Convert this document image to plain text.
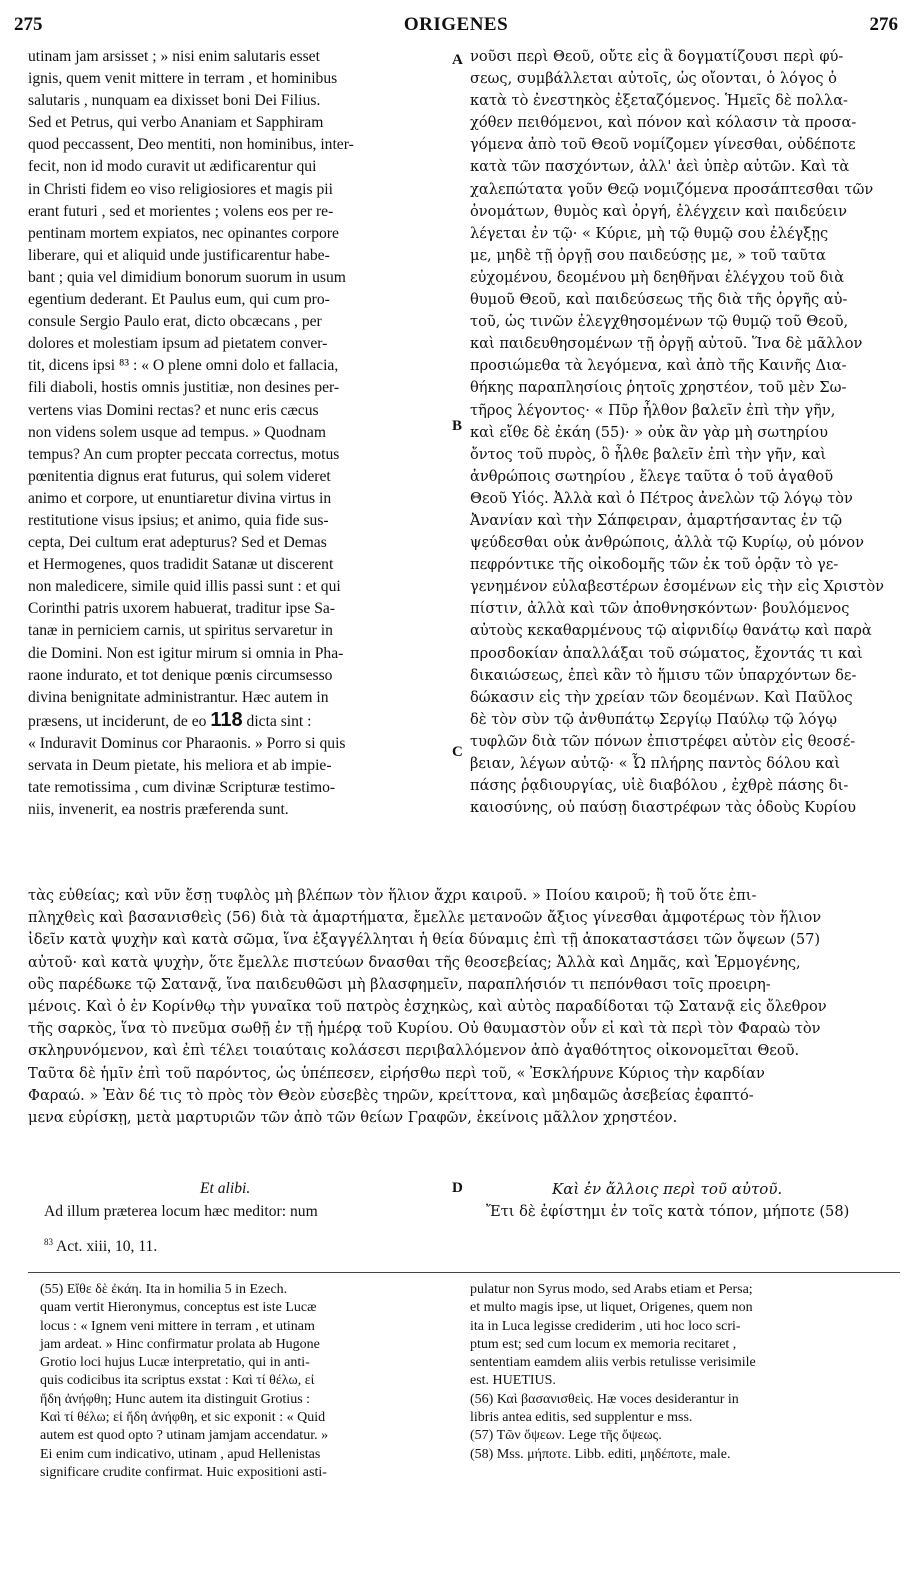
275	ORIGENES	276

utinam jam arsisset ; » nisi enim salutaris esset

ignis, quem venit mittere in terram , et hominibus

salutaris , nunquam ea dixisset boni Dei Filius.

Sed et Petrus, qui verbo Ananiam et Sapphiram

quod peccassent, Deo mentiti, non hominibus, inter-

fecit, non id modo curavit ut ædificarentur qui

in Christi fidem eo viso religiosiores et magis pii

erant futuri , sed et morientes ; volens eos per re-

pentinam mortem expiatos, nec opinantes corpore

liberare, qui et aliquid unde justificarentur habe-

bant ; quia vel dimidium bonorum suorum in usum

egentium dederant. Et Paulus eum, qui cum pro-

consule Sergio Paulo erat, dicto obcæcans , per

dolores et molestiam ipsum ad pietatem conver-

tit, dicens ipsi ⁸³ : « O plene omni dolo et fallacia,

fili diaboli, hostis omnis justitiæ, non desines per-

vertens vias Domini rectas? et nunc eris cæcus

non videns solem usque ad tempus. » Quodnam

tempus? An cum propter peccata correctus, motus

pœnitentia dignus erat futurus, qui solem videret

animo et corpore, ut enuntiaretur divina virtus in

restitutione visus ipsius; et animo, quia fide sus-

cepta, Dei cultum erat adepturus? Sed et Demas

et Hermogenes, quos tradidit Satanæ ut discerent

non maledicere, simile quid illis passi sunt : et qui

Corinthi patris uxorem habuerat, traditur ipse Sa-

tanæ in perniciem carnis, ut spiritus servaretur in

die Domini. Non est igitur mirum si omnia in Pha-

raone indurato, et tot denique pœnis circumsesso

divina benignitate administrantur. Hæc autem in

præsens, ut inciderunt, de eo 118 dicta sint :

« Induravit Dominus cor Pharaonis. » Porro si quis

servata in Deum pietate, his meliora et ab impie-

tate remotissima , cum divinæ Scripturæ testimo-

niis, invenerit, ea nostris præferenda sunt.

νοῦσι περὶ Θεοῦ, οὔτε εἰς ἃ δογματίζουσι περὶ φύ-

σεως, συμβάλλεται αὐτοῖς, ὡς οἴονται, ὁ λόγος ὁ

κατὰ τὸ ἐνεστηκὸς ἐξεταζόμενος. Ἡμεῖς δὲ πολλα-

χόθεν πειθόμενοι, καὶ πόνον καὶ κόλασιν τὰ προσα-

γόμενα ἀπὸ τοῦ Θεοῦ νομίζομεν γίνεσθαι, οὐδέποτε

κατὰ τῶν πασχόντων, ἀλλ' ἀεὶ ὑπὲρ αὐτῶν. Καὶ τὰ

χαλεπώτατα γοῦν Θεῷ νομιζόμενα προσάπτεσθαι τῶν

ὀνομάτων, θυμὸς καὶ ὀργή, ἐλέγχειν καὶ παιδεύειν

λέγεται ἐν τῷ· « Κύριε, μὴ τῷ θυμῷ σου ἐλέγξῃς

με, μηδὲ τῇ ὀργῇ σου παιδεύσῃς με, » τοῦ ταῦτα

εὐχομένου, δεομένου μὴ δεηθῆναι ἐλέγχου τοῦ διὰ

θυμοῦ Θεοῦ, καὶ παιδεύσεως τῆς διὰ τῆς ὀργῆς αὐ-

τοῦ, ὡς τινῶν ἐλεγχθησομένων τῷ θυμῷ τοῦ Θεοῦ,

καὶ παιδευθησομένων τῇ ὀργῇ αὐτοῦ. Ἵνα δὲ μᾶλλον

προσιώμεθα τὰ λεγόμενα, καὶ ἀπὸ τῆς Καινῆς Δια-

θήκης παραπλησίοις ῥητοῖς χρηστέον, τοῦ μὲν Σω-

τῆρος λέγοντος· « Πῦρ ἦλθον βαλεῖν ἐπὶ τὴν γῆν,

καὶ εἴθε δὲ ἐκάη (55)· » οὐκ ἂν γὰρ μὴ σωτηρίου

ὄντος τοῦ πυρὸς, ὃ ἦλθε βαλεῖν ἐπὶ τὴν γῆν, καὶ

ἀνθρώποις σωτηρίου , ἔλεγε ταῦτα ὁ τοῦ ἀγαθοῦ

Θεοῦ Υἱός. Ἀλλὰ καὶ ὁ Πέτρος ἀνελὼν τῷ λόγῳ τὸν

Ἀνανίαν καὶ τὴν Σάπφειραν, ἁμαρτήσαντας ἐν τῷ

ψεύδεσθαι οὐκ ἀνθρώποις, ἀλλὰ τῷ Κυρίῳ, οὐ μόνον

πεφρόντικε τῆς οἰκοδομῆς τῶν ἐκ τοῦ ὁρᾷν τὸ γε-

γενημένον εὐλαβεστέρων ἐσομένων εἰς τὴν εἰς Χριστὸν

πίστιν, ἀλλὰ καὶ τῶν ἀποθνησκόντων· βουλόμενος

αὐτοὺς κεκαθαρμένους τῷ αἰφνιδίῳ θανάτῳ καὶ παρὰ

προσδοκίαν ἀπαλλάξαι τοῦ σώματος, ἔχοντάς τι καὶ

δικαιώσεως, ἐπεὶ κἂν τὸ ἥμισυ τῶν ὑπαρχόντων δε-

δώκασιν εἰς τὴν χρείαν τῶν δεομένων. Καὶ Παῦλος

δὲ τὸν σὺν τῷ ἀνθυπάτῳ Σεργίῳ Παύλῳ τῷ λόγῳ

τυφλῶν διὰ τῶν πόνων ἐπιστρέφει αὐτὸν εἰς θεοσέ-

βειαν, λέγων αὐτῷ· « Ὦ πλήρης παντὸς δόλου καὶ

πάσης ῥᾳδιουργίας, υἱὲ διαβόλου , ἐχθρὲ πάσης δι-

καιοσύνης, οὐ παύσῃ διαστρέφων τὰς ὁδοὺς Κυρίου

A
B
C
D

τὰς εὐθείας; καὶ νῦν ἔσῃ τυφλὸς μὴ βλέπων τὸν ἥλιον ἄχρι καιροῦ. » Ποίου καιροῦ; ἢ τοῦ ὅτε ἐπι-

πληχθεὶς καὶ βασανισθεὶς (56) διὰ τὰ ἁμαρτήματα, ἔμελλε μετανοῶν ἄξιος γίνεσθαι ἀμφοτέρως τὸν ἥλιον

ἰδεῖν κατὰ ψυχὴν καὶ κατὰ σῶμα, ἵνα ἐξαγγέλληται ἡ θεία δύναμις ἐπὶ τῇ ἀποκαταστάσει τῶν ὄψεων (57)

αὐτοῦ· καὶ κατὰ ψυχὴν, ὅτε ἔμελλε πιστεύων δνασθαι τῆς θεοσεβείας; Ἀλλὰ καὶ Δημᾶς, καὶ Ἑρμογένης,

οὓς παρέδωκε τῷ Σατανᾷ, ἵνα παιδευθῶσι μὴ βλασφημεῖν, παραπλήσιόν τι πεπόνθασι τοῖς προειρη-

μένοις. Καὶ ὁ ἐν Κορίνθῳ τὴν γυναῖκα τοῦ πατρὸς ἐσχηκὼς, καὶ αὐτὸς παραδίδοται τῷ Σατανᾷ εἰς ὄλεθρον

τῆς σαρκὸς, ἵνα τὸ πνεῦμα σωθῇ ἐν τῇ ἡμέρᾳ τοῦ Κυρίου. Οὐ θαυμαστὸν οὖν εἰ καὶ τὰ περὶ τὸν Φαραὼ τὸν

σκληρυνόμενον, καὶ ἐπὶ τέλει τοιαύταις κολάσεσι περιβαλλόμενον ἀπὸ ἀγαθότητος οἰκονομεῖται Θεοῦ.

Ταῦτα δὲ ἡμῖν ἐπὶ τοῦ παρόντος, ὡς ὑπέπεσεν, εἰρήσθω περὶ τοῦ, « Ἐσκλήρυνε Κύριος τὴν καρδίαν

Φαραώ. » Ἐὰν δέ τις τὸ πρὸς τὸν Θεὸν εὐσεβὲς τηρῶν, κρείττονα, καὶ μηδαμῶς ἀσεβείας ἐφαπτό-

μενα εὑρίσκῃ, μετὰ μαρτυριῶν τῶν ἀπὸ τῶν θείων Γραφῶν, ἐκείνοις μᾶλλον χρηστέον.

Et alibi.	Καὶ ἐν ἄλλοις περὶ τοῦ αὐτοῦ.
Ad illum præterea locum hæc meditor: num	Ἔτι δὲ ἐφίστημι ἐν τοῖς κατὰ τόπον, μήποτε (58)
$^{83}$ Act. xiii, 10, 11.

(55) Εἴθε δὲ ἐκάη. Ita in homilia 5 in Ezech.

quam vertit Hieronymus, conceptus est iste Lucæ

locus : « Ignem veni mittere in terram , et utinam

jam ardeat. » Hinc confirmatur prolata ab Hugone

Grotio loci hujus Lucæ interpretatio, qui in anti-

quis codicibus ita scriptus exstat : Καὶ τί θέλω, εἰ

ἤδη ἀνήφθη; Hunc autem ita distinguit Grotius :

Καὶ τί θέλω; εἰ ἤδη ἀνήφθη, et sic exponit : « Quid

autem est quod opto ? utinam jamjam accendatur. »

Ei enim cum indicativo, utinam , apud Hellenistas

significare crudite confirmat. Huic expositioni asti-

pulatur non Syrus modo, sed Arabs etiam et Persa;

et multo magis ipse, ut liquet, Origenes, quem non

ita in Luca legisse crediderim , uti hoc loco scri-

ptum est; sed cum locum ex memoria recitaret ,

sententiam eamdem aliis verbis retulisse verisimile

est. HUETIUS.

(56) Καὶ βασανισθεὶς. Hæ voces desiderantur in

libris antea editis, sed supplentur e mss.

(57) Τῶν ὄψεων. Lege τῆς ὄψεως.

(58) Mss. μήποτε. Libb. editi, μηδέποτε, male.
